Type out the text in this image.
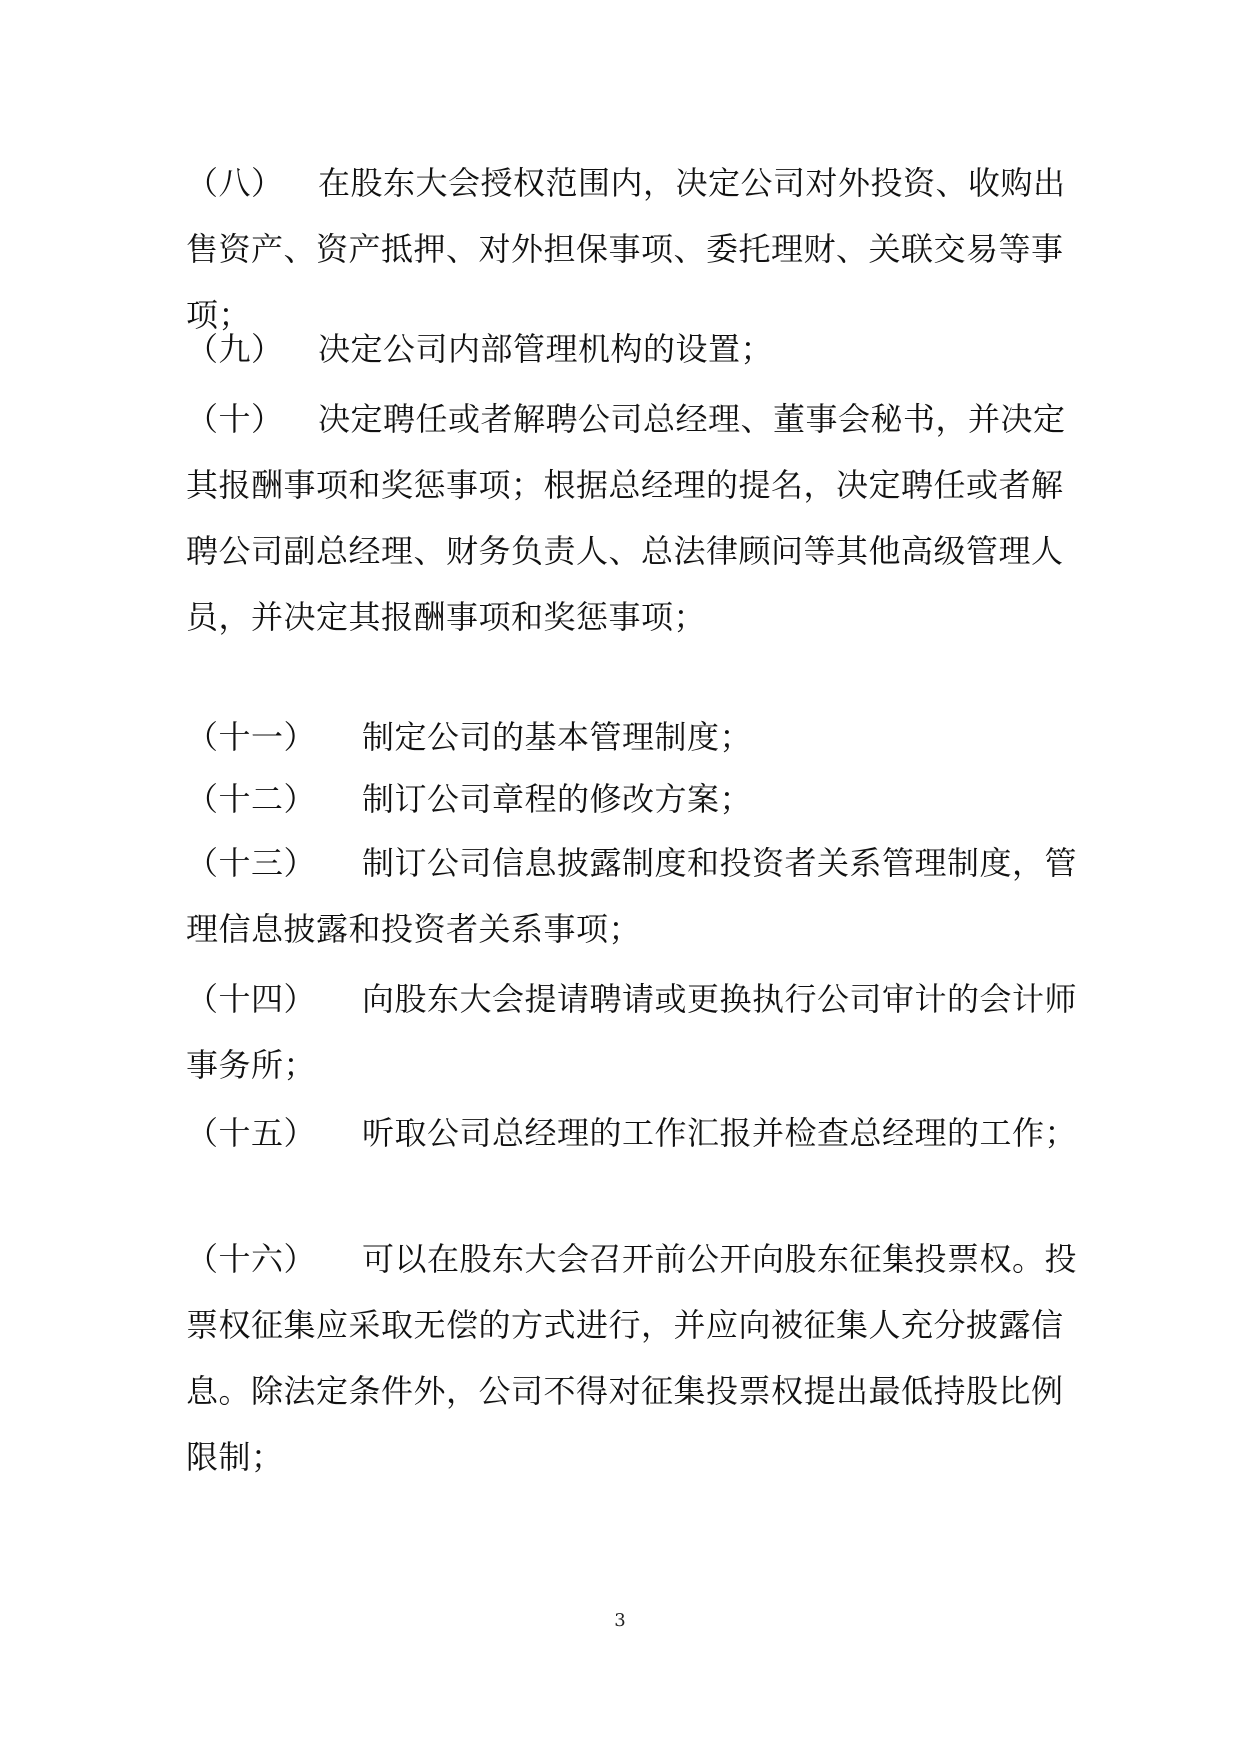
（八） 在股东大会授权范围内，决定公司对外投资、收购出售资产、资产抵押、对外担保事项、委托理财、关联交易等事项；
（九） 决定公司内部管理机构的设置；
（十） 决定聘任或者解聘公司总经理、董事会秘书，并决定其报酬事项和奖惩事项；根据总经理的提名，决定聘任或者解聘公司副总经理、财务负责人、总法律顾问等其他高级管理人员，并决定其报酬事项和奖惩事项；
（十一） 制定公司的基本管理制度；
（十二） 制订公司章程的修改方案；
（十三） 制订公司信息披露制度和投资者关系管理制度，管理信息披露和投资者关系事项；
（十四） 向股东大会提请聘请或更换执行公司审计的会计师事务所；
（十五） 听取公司总经理的工作汇报并检查总经理的工作；
（十六） 可以在股东大会召开前公开向股东征集投票权。投票权征集应采取无偿的方式进行，并应向被征集人充分披露信息。除法定条件外，公司不得对征集投票权提出最低持股比例限制；
3
